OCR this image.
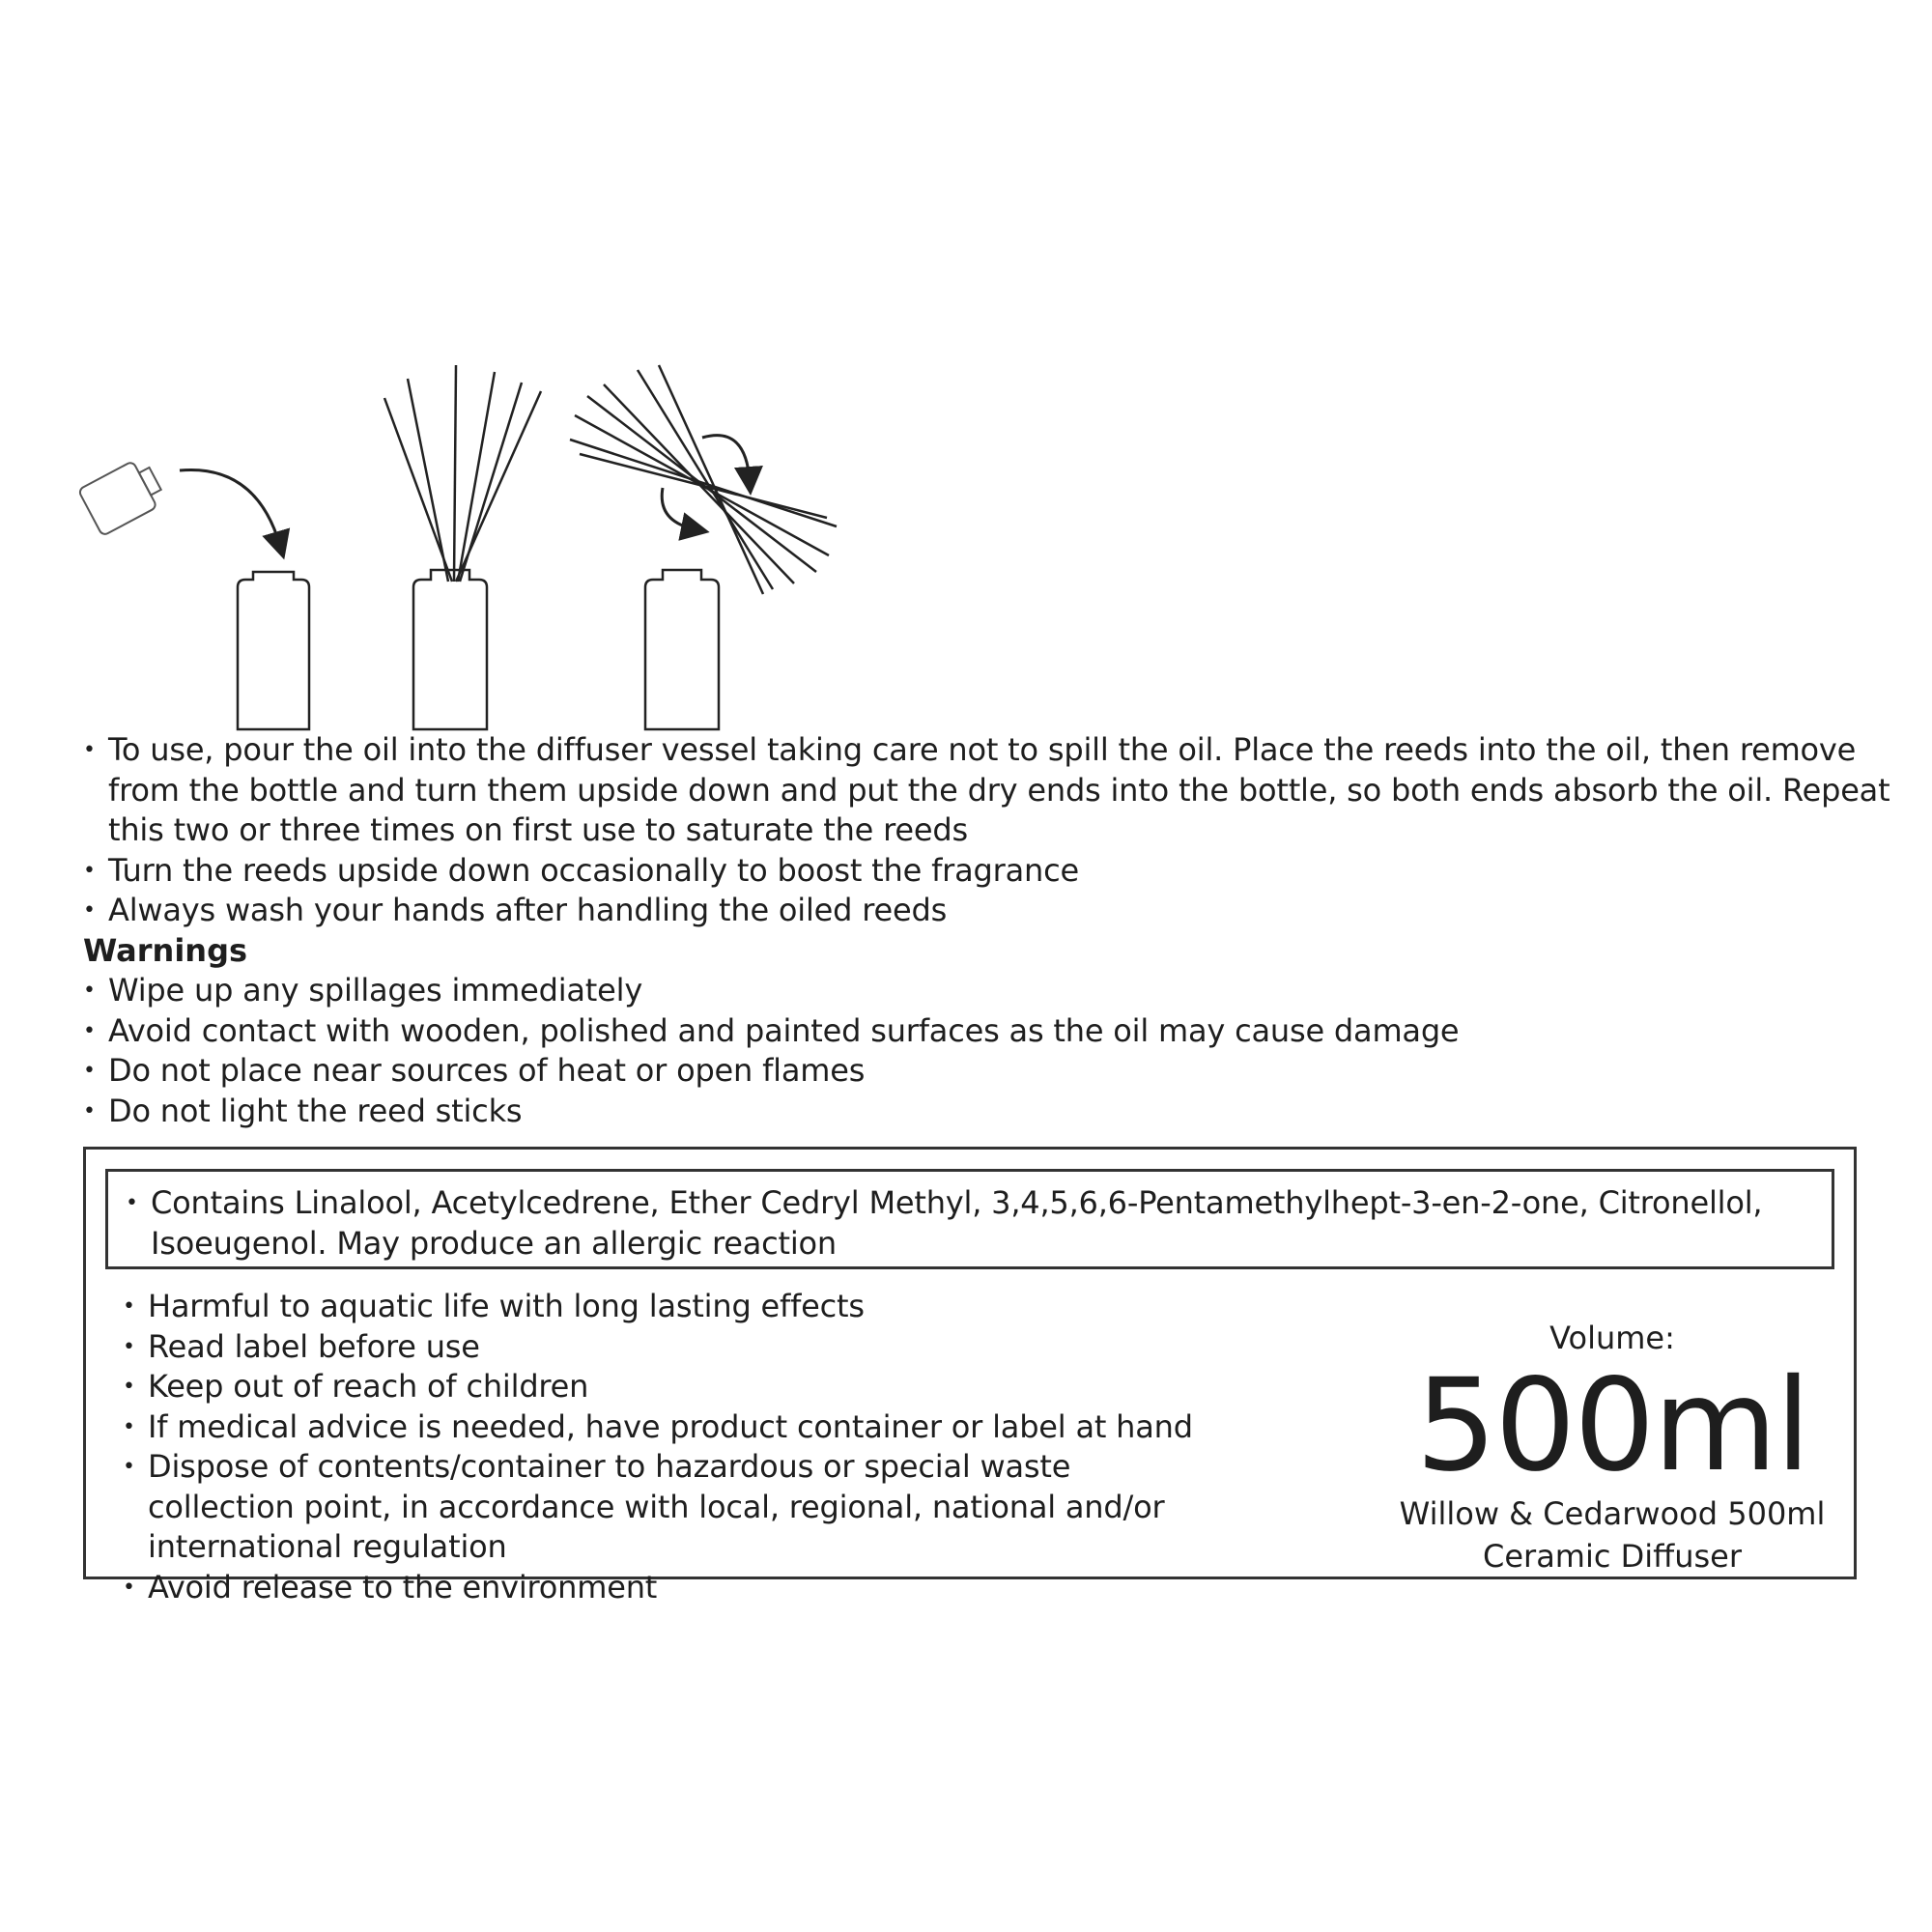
• To use, pour the oil into the diffuser vessel taking care not to spill the oil. Place the reeds into the oil, then remove from the bottle and turn them upside down and put the dry ends into the bottle, so both ends absorb the oil. Repeat this two or three times on first use to saturate the reeds
• Turn the reeds upside down occasionally to boost the fragrance
• Always wash your hands after handling the oiled reeds
Warnings
• Wipe up any spillages immediately
• Avoid contact with wooden, polished and painted surfaces as the oil may cause damage
• Do not place near sources of heat or open flames
• Do not light the reed sticks
• Contains Linalool, Acetylcedrene, Ether Cedryl Methyl, 3,4,5,6,6-Pentamethylhept-3-en-2-one, Citronellol, Isoeugenol. May produce an allergic reaction
• Harmful to aquatic life with long lasting effects
• Read label before use
• Keep out of reach of children
• If medical advice is needed, have product container or label at hand
• Dispose of contents/container to hazardous or special waste collection point, in accordance with local, regional, national and/or international regulation
• Avoid release to the environment
Volume:
500ml
Willow & Cedarwood 500ml
Ceramic Diffuser
